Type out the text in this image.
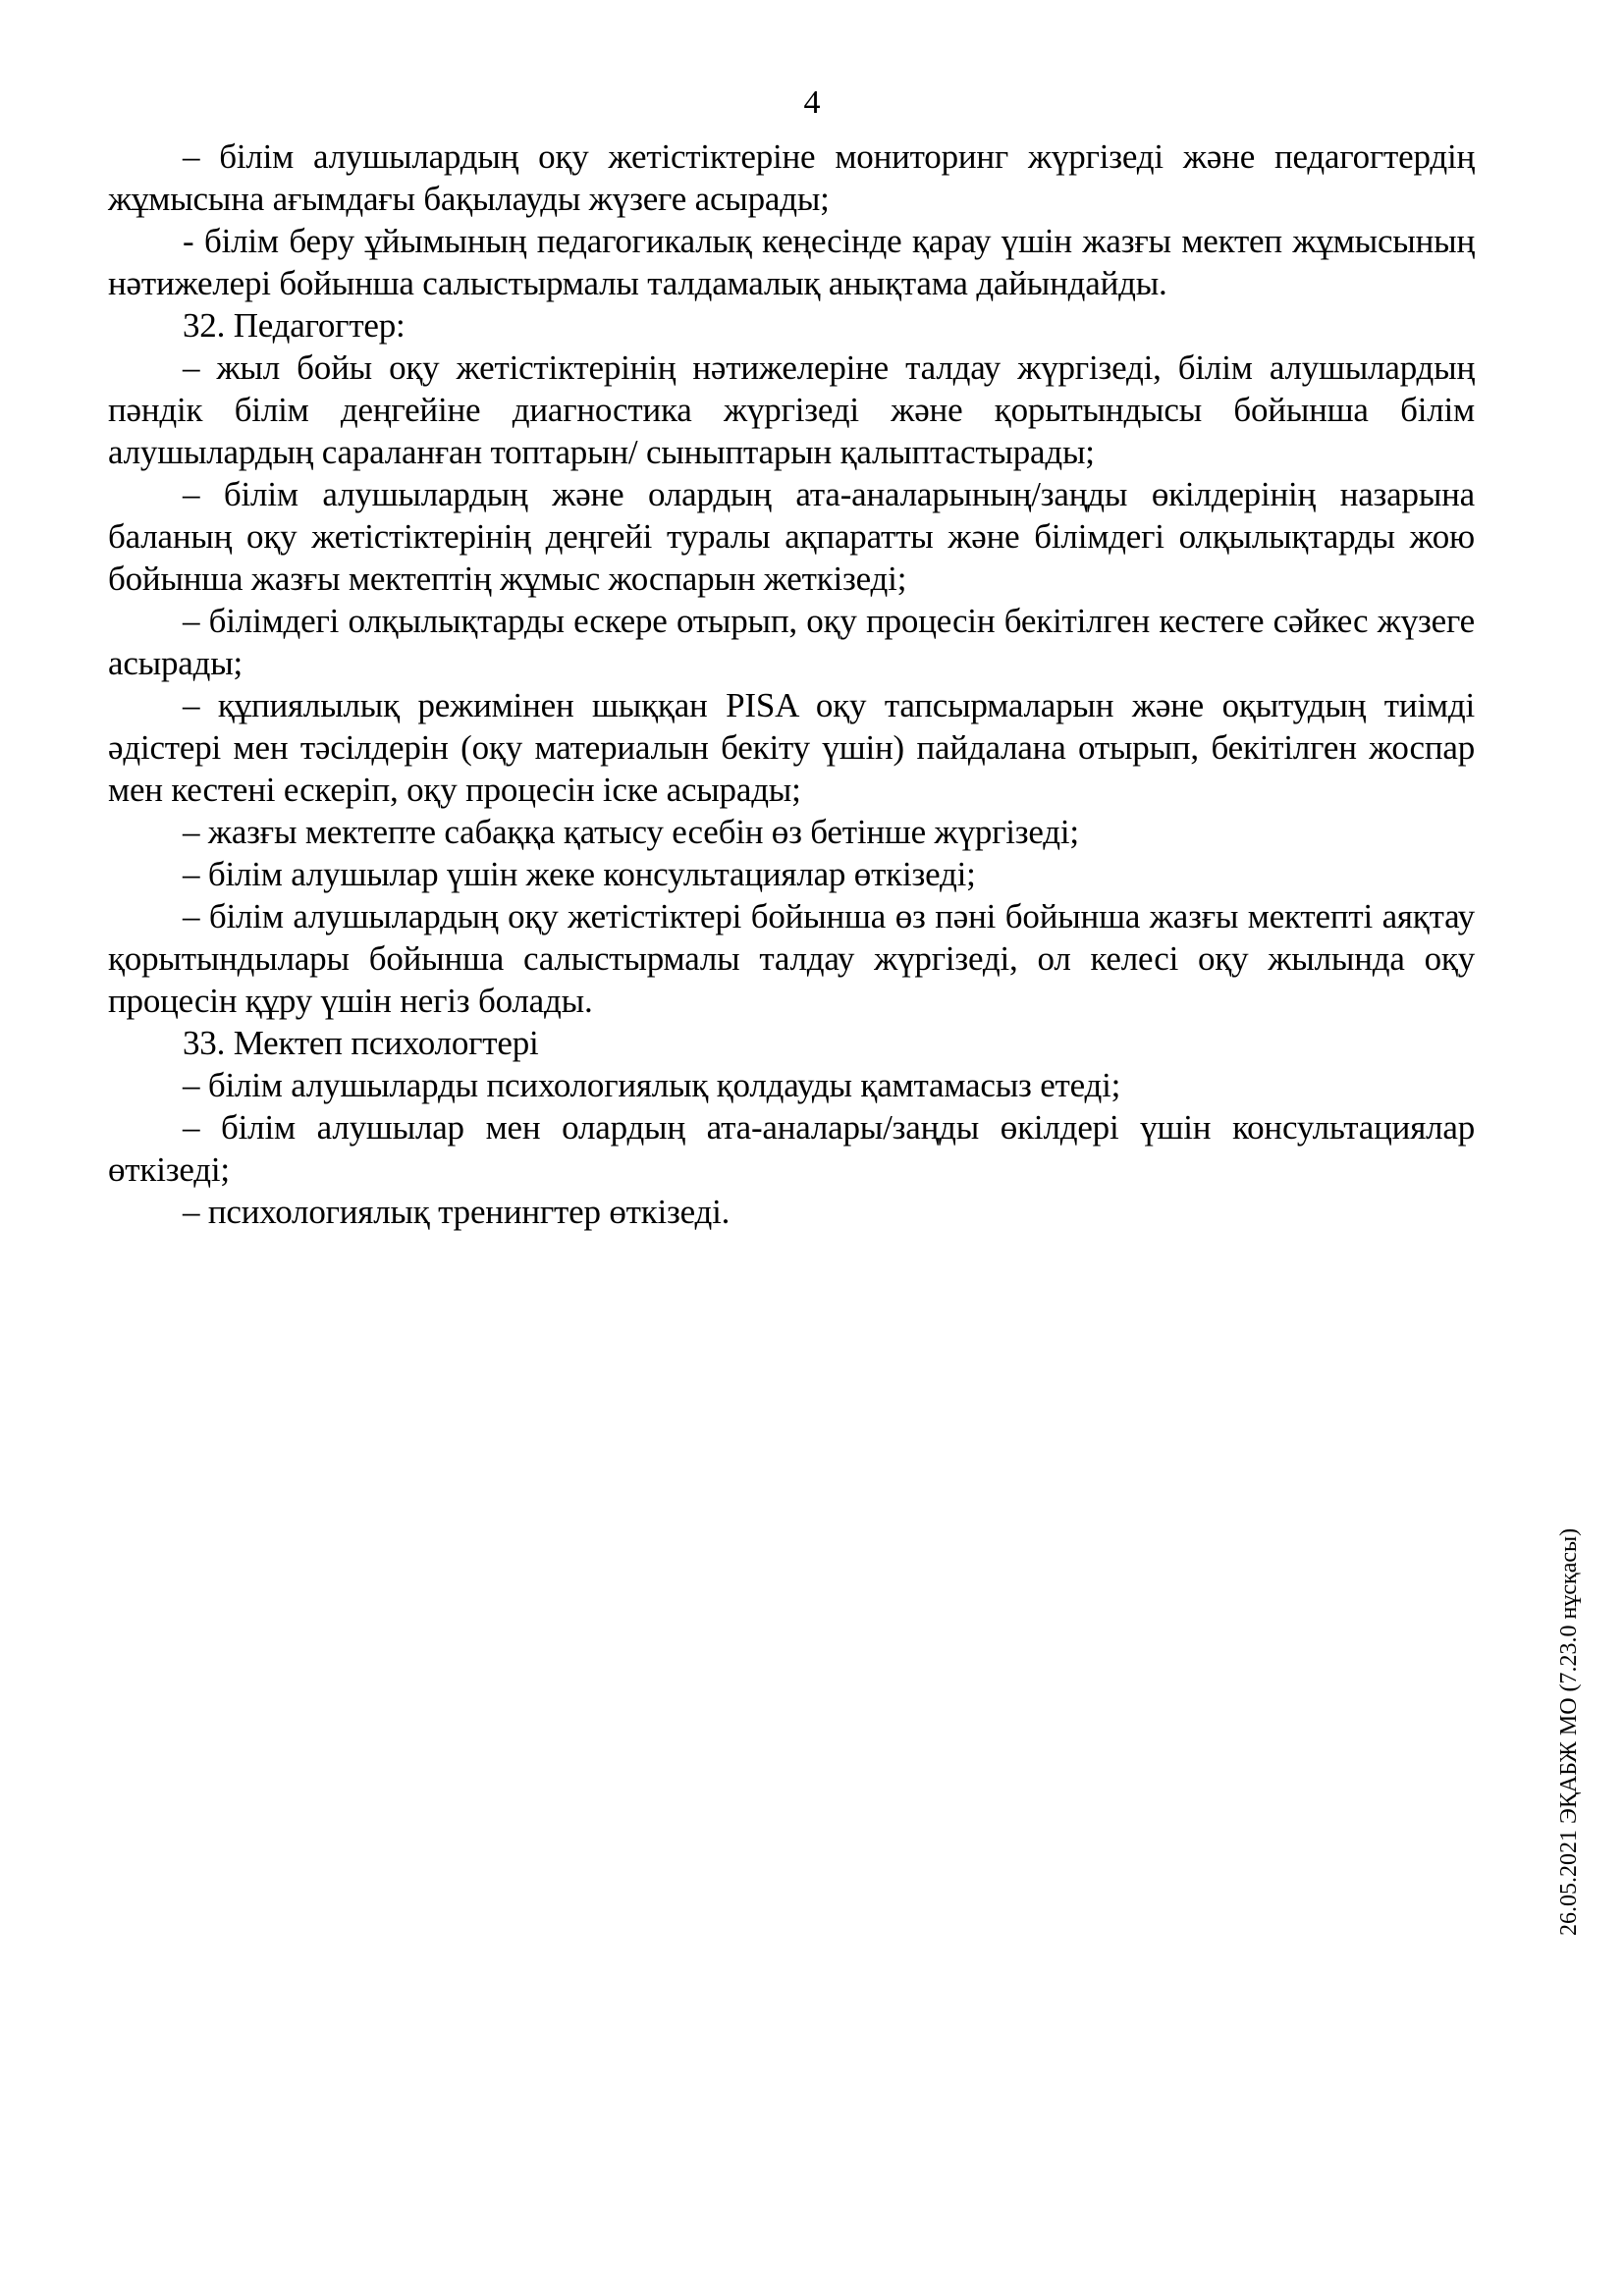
4

– білім алушылардың оқу жетістіктеріне мониторинг жүргізеді және педагогтердің жұмысына ағымдағы бақылауды жүзеге асырады;

- білім беру ұйымының педагогикалық кеңесінде қарау үшін жазғы мектеп жұмысының нәтижелері бойынша салыстырмалы талдамалық анықтама дайындайды.

32. Педагогтер:

– жыл бойы оқу жетістіктерінің нәтижелеріне талдау жүргізеді, білім алушылардың пәндік білім деңгейіне диагностика жүргізеді және қорытындысы бойынша білім алушылардың сараланған топтарын/ сыныптарын қалыптастырады;

– білім алушылардың және олардың ата-аналарының/заңды өкілдерінің назарына баланың оқу жетістіктерінің деңгейі туралы ақпаратты және білімдегі олқылықтарды жою бойынша жазғы мектептің жұмыс жоспарын жеткізеді;

– білімдегі олқылықтарды ескере отырып, оқу процесін бекітілген кестеге сәйкес жүзеге асырады;

– құпиялылық режимінен шыққан PISA оқу тапсырмаларын және оқытудың тиімді әдістері мен тәсілдерін (оқу материалын бекіту үшін) пайдалана отырып, бекітілген жоспар мен кестені ескеріп, оқу процесін іске асырады;

– жазғы мектепте сабаққа қатысу есебін өз бетінше жүргізеді;

– білім алушылар үшін жеке консультациялар өткізеді;

– білім алушылардың оқу жетістіктері бойынша өз пәні бойынша жазғы мектепті аяқтау қорытындылары бойынша салыстырмалы талдау жүргізеді, ол келесі оқу жылында оқу процесін құру үшін негіз болады.

33. Мектеп психологтері

– білім алушыларды психологиялық қолдауды қамтамасыз етеді;

– білім алушылар мен олардың ата-аналары/заңды өкілдері үшін консультациялар өткізеді;

– психологиялық тренингтер өткізеді.

26.05.2021 ЭҚАБЖ МО (7.23.0 нұсқасы)
